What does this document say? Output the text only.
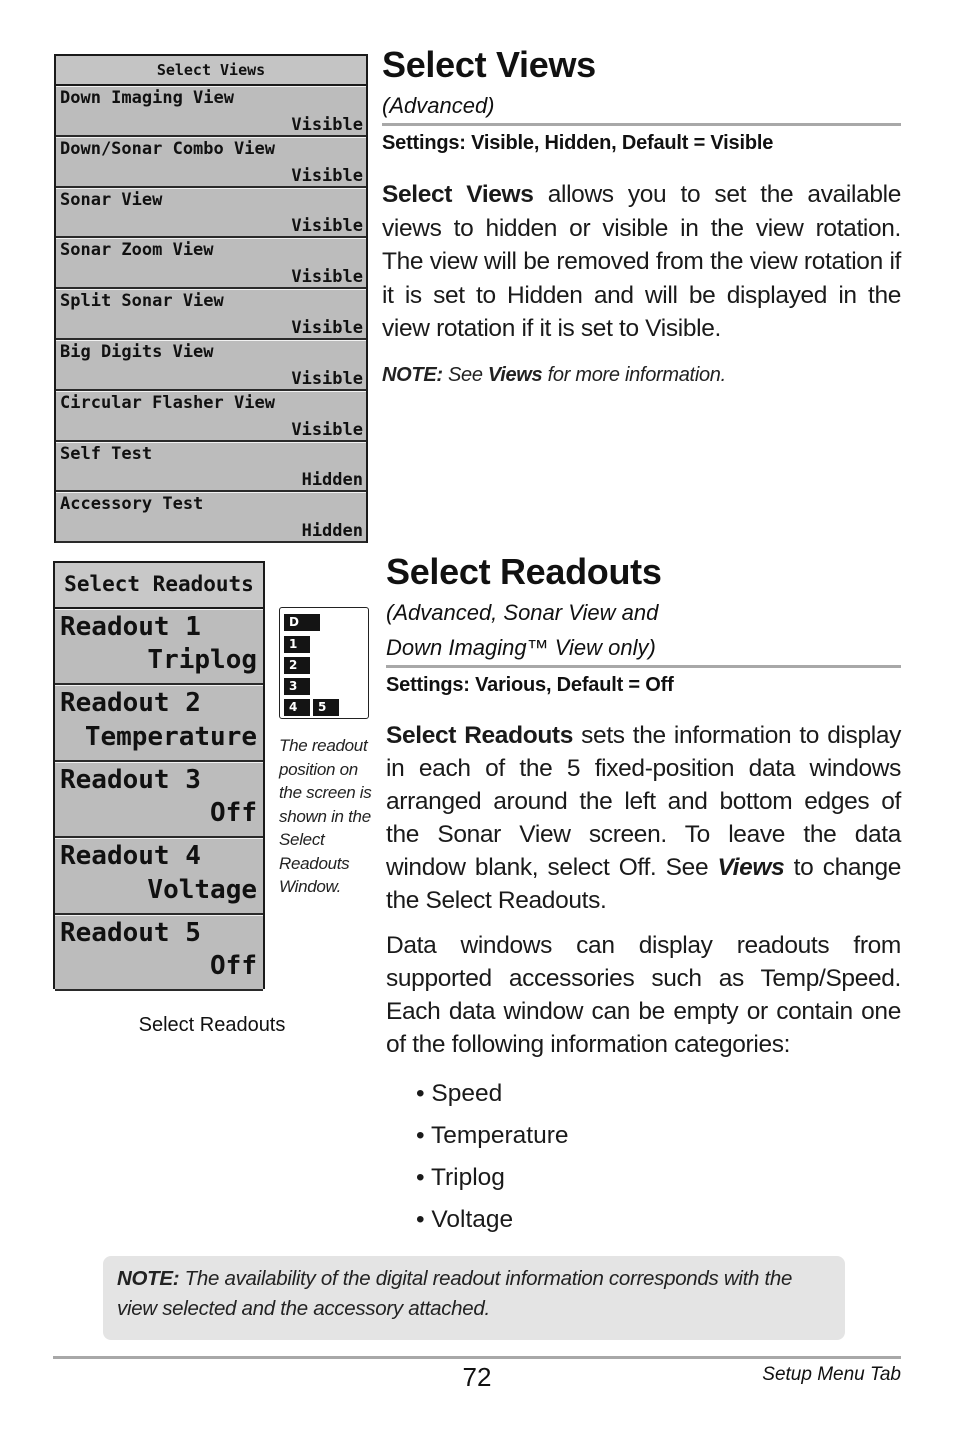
Select Views
Down Imaging View
Visible
Down/Sonar Combo View
Visible
Sonar View
Visible
Sonar Zoom View
Visible
Split Sonar View
Visible
Big Digits View
Visible
Circular Flasher View
Visible
Self Test
Hidden
Accessory Test
Hidden
Select Views
(Advanced)
Settings: Visible, Hidden, Default = Visible
Select Views allows you to set the available views to hidden or visible in the view rotation. The view will be removed from the view rotation if it is set to Hidden and will be displayed in the view rotation if it is set to Visible.
NOTE: See Views for more information.
Select Readouts
Readout 1
Triplog
Readout 2
Temperature
Readout 3
Off
Readout 4
Voltage
Readout 5
Off
D
1
2
3
4	5
The readout position on the screen is shown in the Select Readouts Window.
Select Readouts
Select Readouts
(Advanced, Sonar View and
Down Imaging™ View only)
Settings: Various, Default = Off
Select Readouts sets the information to display in each of the 5 fixed-position data windows arranged around the left and bottom edges of the Sonar View screen. To leave the data window blank, select Off. See Views to change the Select Readouts.
Data windows can display readouts from supported accessories such as Temp/Speed. Each data window can be empty or contain one of the following information categories:
• Speed
• Temperature
• Triplog
• Voltage
NOTE: The availability of the digital readout information corresponds with the view selected and the accessory attached.
72	Setup Menu Tab
